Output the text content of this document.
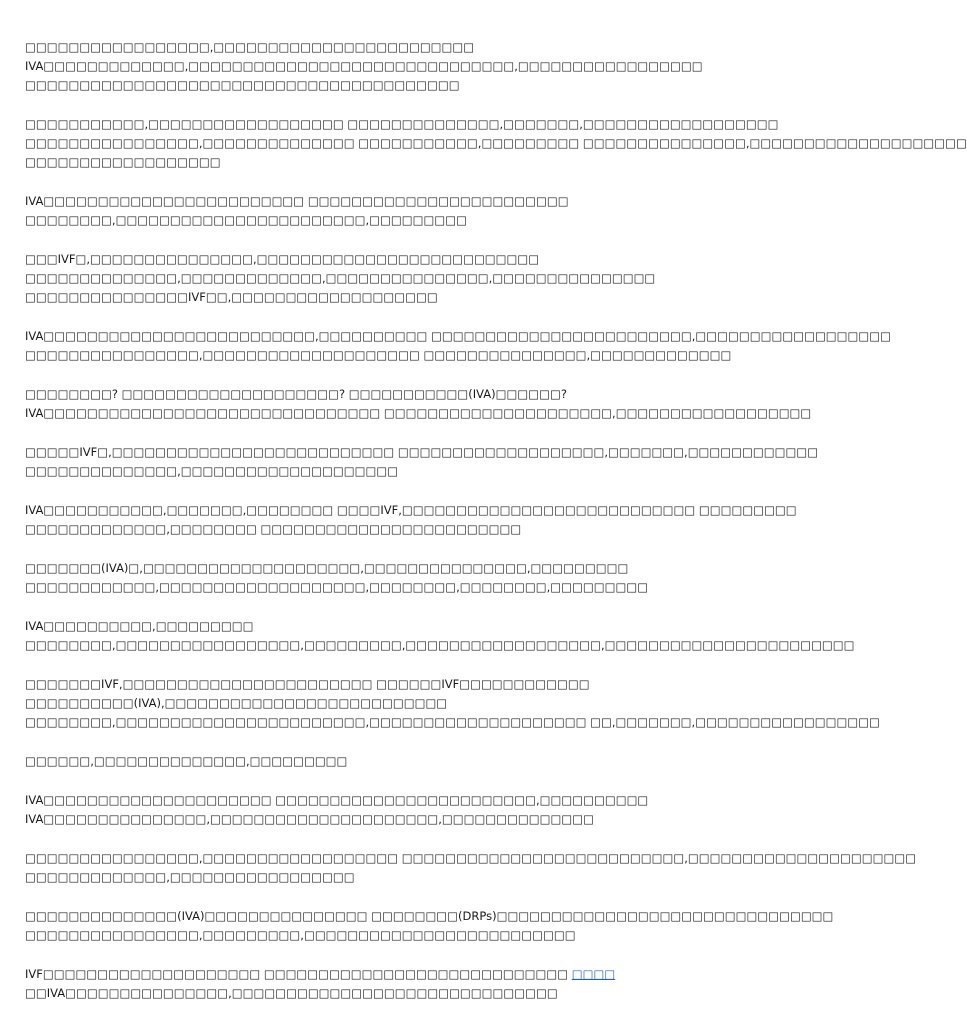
□□□□□□□□□□□□□□□□□,□□□□□□□□□□□□□□□□□□□□□□□□
IVA□□□□□□□□□□□□□,□□□□□□□□□□□□□□□□□□□□□□□□□□□□□□,□□□□□□□□□□□□□□□□□
□□□□□□□□□□□□□□□□□□□□□□□□□□□□□□□□□□□□□□□□
□□□□□□□□□□□,□□□□□□□□□□□□□□□□□□ □□□□□□□□□□□□□□,□□□□□□□,□□□□□□□□□□□□□□□□□□
□□□□□□□□□□□□□□□□,□□□□□□□□□□□□□□ □□□□□□□□□□□,□□□□□□□□□ □□□□□□□□□□□□□□□,□□□□□□□□□□□□□□□□□□□□
□□□□□□□□□□□□□□□□□□
IVA□□□□□□□□□□□□□□□□□□□□□□□□ □□□□□□□□□□□□□□□□□□□□□□□□
□□□□□□□□,□□□□□□□□□□□□□□□□□□□□□□□,□□□□□□□□□
□□□IVF□,□□□□□□□□□□□□□□□,□□□□□□□□□□□□□□□□□□□□□□□□□□
□□□□□□□□□□□□□□,□□□□□□□□□□□□□,□□□□□□□□□□□□□□□,□□□□□□□□□□□□□□□
□□□□□□□□□□□□□□□IVF□□,□□□□□□□□□□□□□□□□□□□
IVA□□□□□□□□□□□□□□□□□□□□□□□□□,□□□□□□□□□□ □□□□□□□□□□□□□□□□□□□□□□□□,□□□□□□□□□□□□□□□□□□
□□□□□□□□□□□□□□□□,□□□□□□□□□□□□□□□□□□□□ □□□□□□□□□□□□□□□,□□□□□□□□□□□□□
□□□□□□□□? □□□□□□□□□□□□□□□□□□□□? □□□□□□□□□□□(IVA)□□□□□□?
IVA□□□□□□□□□□□□□□□□□□□□□□□□□□□□□□□ □□□□□□□□□□□□□□□□□□□□□,□□□□□□□□□□□□□□□□□□
□□□□□IVF□,□□□□□□□□□□□□□□□□□□□□□□□□□□ □□□□□□□□□□□□□□□□□□□,□□□□□□□,□□□□□□□□□□□□
□□□□□□□□□□□□□□,□□□□□□□□□□□□□□□□□□□□
IVA□□□□□□□□□□□,□□□□□□□,□□□□□□□□ □□□□IVF,□□□□□□□□□□□□□□□□□□□□□□□□□□□ □□□□□□□□□
□□□□□□□□□□□□□,□□□□□□□□ □□□□□□□□□□□□□□□□□□□□□□□□
□□□□□□□(IVA)□,□□□□□□□□□□□□□□□□□□□□,□□□□□□□□□□□□□□□,□□□□□□□□□
□□□□□□□□□□□□,□□□□□□□□□□□□□□□□□□□,□□□□□□□□,□□□□□□□□,□□□□□□□□□
IVA□□□□□□□□□□,□□□□□□□□□
□□□□□□□□,□□□□□□□□□□□□□□□□□,□□□□□□□□□,□□□□□□□□□□□□□□□□□□,□□□□□□□□□□□□□□□□□□□□□□□
□□□□□□□IVF,□□□□□□□□□□□□□□□□□□□□□□□ □□□□□□IVF□□□□□□□□□□□□
□□□□□□□□□□(IVA),□□□□□□□□□□□□□□□□□□□□□□□□□□
□□□□□□□□,□□□□□□□□□□□□□□□□□□□□□□□,□□□□□□□□□□□□□□□□□□□□ □□,□□□□□□□,□□□□□□□□□□□□□□□□□
□□□□□□,□□□□□□□□□□□□□□,□□□□□□□□□
IVA□□□□□□□□□□□□□□□□□□□□□ □□□□□□□□□□□□□□□□□□□□□□□□,□□□□□□□□□□
IVA□□□□□□□□□□□□□□□,□□□□□□□□□□□□□□□□□□□□□,□□□□□□□□□□□□□□
□□□□□□□□□□□□□□□□,□□□□□□□□□□□□□□□□□□ □□□□□□□□□□□□□□□□□□□□□□□□□□,□□□□□□□□□□□□□□□□□□□□□
□□□□□□□□□□□□□,□□□□□□□□□□□□□□□□□
□□□□□□□□□□□□□□(IVA)□□□□□□□□□□□□□□□ □□□□□□□□(DRPs)□□□□□□□□□□□□□□□□□□□□□□□□□□□□□□□
□□□□□□□□□□□□□□□□,□□□□□□□□□,□□□□□□□□□□□□□□□□□□□□□□□□□
IVF□□□□□□□□□□□□□□□□□□□□ □□□□□□□□□□□□□□□□□□□□□□□□□□□□ □□□□
□□IVA□□□□□□□□□□□□□□□,□□□□□□□□□□□□□□□□□□□□□□□□□□□□□□
